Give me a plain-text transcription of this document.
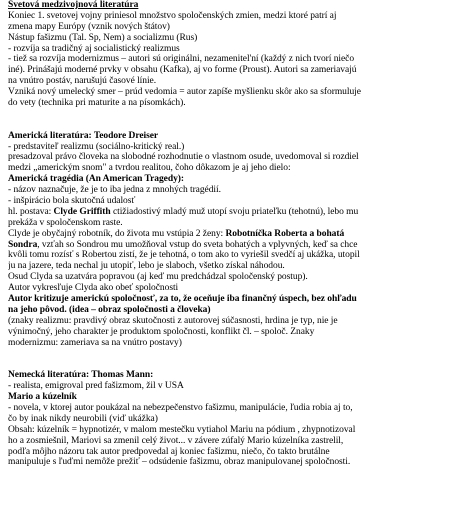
Svetová medzivojnová literatúra
Koniec 1. svetovej vojny priniesol množstvo spoločenských zmien, medzi ktoré patrí aj
zmena mapy Európy (vznik nových štátov)
Nástup fašizmu (Tal. Šp, Nem) a socializmu (Rus)
- rozvíja sa tradičný aj socialistický realizmus
- tiež sa rozvíja modernizmus – autori sú originálni, nezamenitel'ní (každý z nich tvorí niečo
iné). Prinášajú moderné prvky v obsahu (Kafka), aj vo forme (Proust). Autori sa zameriavajú
na vnútro postáv, narušujú časové línie.
Vzniká nový umelecký smer – prúd vedomia = autor zapíše myšlienku skôr ako sa sformuluje
do vety (technika pri maturite a na písomkách).
Americká literatúra: Teodore Dreiser
- predstaviteľ realizmu (sociálno-kritický real.)
presadzoval právo človeka na slobodné rozhodnutie o vlastnom osude, uvedomoval si rozdiel
medzi „americkým snom" a tvrdou realitou, čoho dôkazom je aj jeho dielo:
Americká tragédia (An American Tragedy):
- názov naznačuje, že je to iba jedna z mnohých tragédií.
- inšpirácio bola skutočná udalosť
hl. postava: Clyde Griffith ctižiadostivý mladý muž utopí svoju priateľku (tehotnú), lebo mu
prekáža v spoločenskom raste.
Clyde je obyčajný robotník, do života mu vstúpia 2 ženy: Robotníčka Roberta a bohatá
Sondra, vzťah so Sondrou mu umožňoval vstup do sveta bohatých a vplyvných, keď sa chce
kvôli tomu rozísť s Robertou zistí, že je tehotná, o tom ako to vyriešil svedčí aj ukážka, utopil
ju na jazere, teda nechal ju utopiť, lebo je slaboch, všetko získal náhodou.
Osud Clyda sa uzatvára popravou (aj keď mu predchádzal spoločenský postup).
Autor vykresľuje Clyda ako obeť spoločnosti
Autor kritizuje americkú spoločnosť, za to, že oceňuje iba finančný úspech, bez ohľadu
na jeho pôvod. (idea – obraz spoločnosti a človeka)
(znaky realizmu: pravdivý obraz skutočnosti z autorovej súčasnosti, hrdina je typ, nie je
výnimočný, jeho charakter je produktom spoločnosti, konflikt čl. – spoloč. Znaky
modernizmu: zameriava sa na vnútro postavy)
Nemecká literatúra: Thomas Mann:
- realista, emigroval pred fašizmom, žil v USA
Mario a kúzelník
- novela, v ktorej autor poukázal na nebezpečenstvo fašizmu, manipulácie, ľudia robia aj to,
čo by inak nikdy neurobili (viď ukážka)
Obsah: kúzelník = hypnotizér, v malom mestečku vytiahol Mariu na pódium , zhypnotizoval
ho a zosmiešnil, Mariovi sa zmenil celý život... v závere zúfalý Mario kúzelníka zastrelil,
podľa môjho názoru tak autor predpovedal aj koniec fašizmu, niečo, čo takto brutálne
manipuluje s ľuďmi nemôže prežiť – odsúdenie fašizmu, obraz manipulovanej spoločnosti.
